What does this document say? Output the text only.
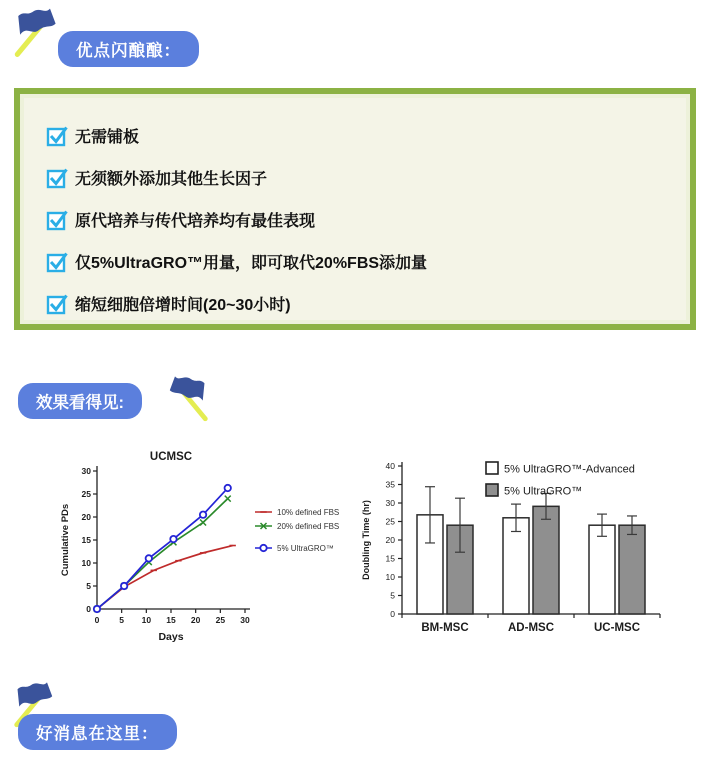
优点闪酿酿：
无需铺板
无须额外添加其他生长因子
原代培养与传代培养均有最佳表现
仅5%UltraGRO™用量，即可取代20%FBS添加量
缩短细胞倍增时间(20~30小时)
效果看得见:
0 5 10 15 20 25 30
0
5
10
15
20
25
30
UCMSC
Days
Cumulative PDs	10% defined FBS
20% defined FBS
5% UltraGRO™
0
5
10
15
20
25
30
35
40
Doubling Time (hr)
BM-MSC	AD-MSC	UC-MSC
5% UltraGRO™-Advanced
5% UltraGRO™
好消息在这里：
